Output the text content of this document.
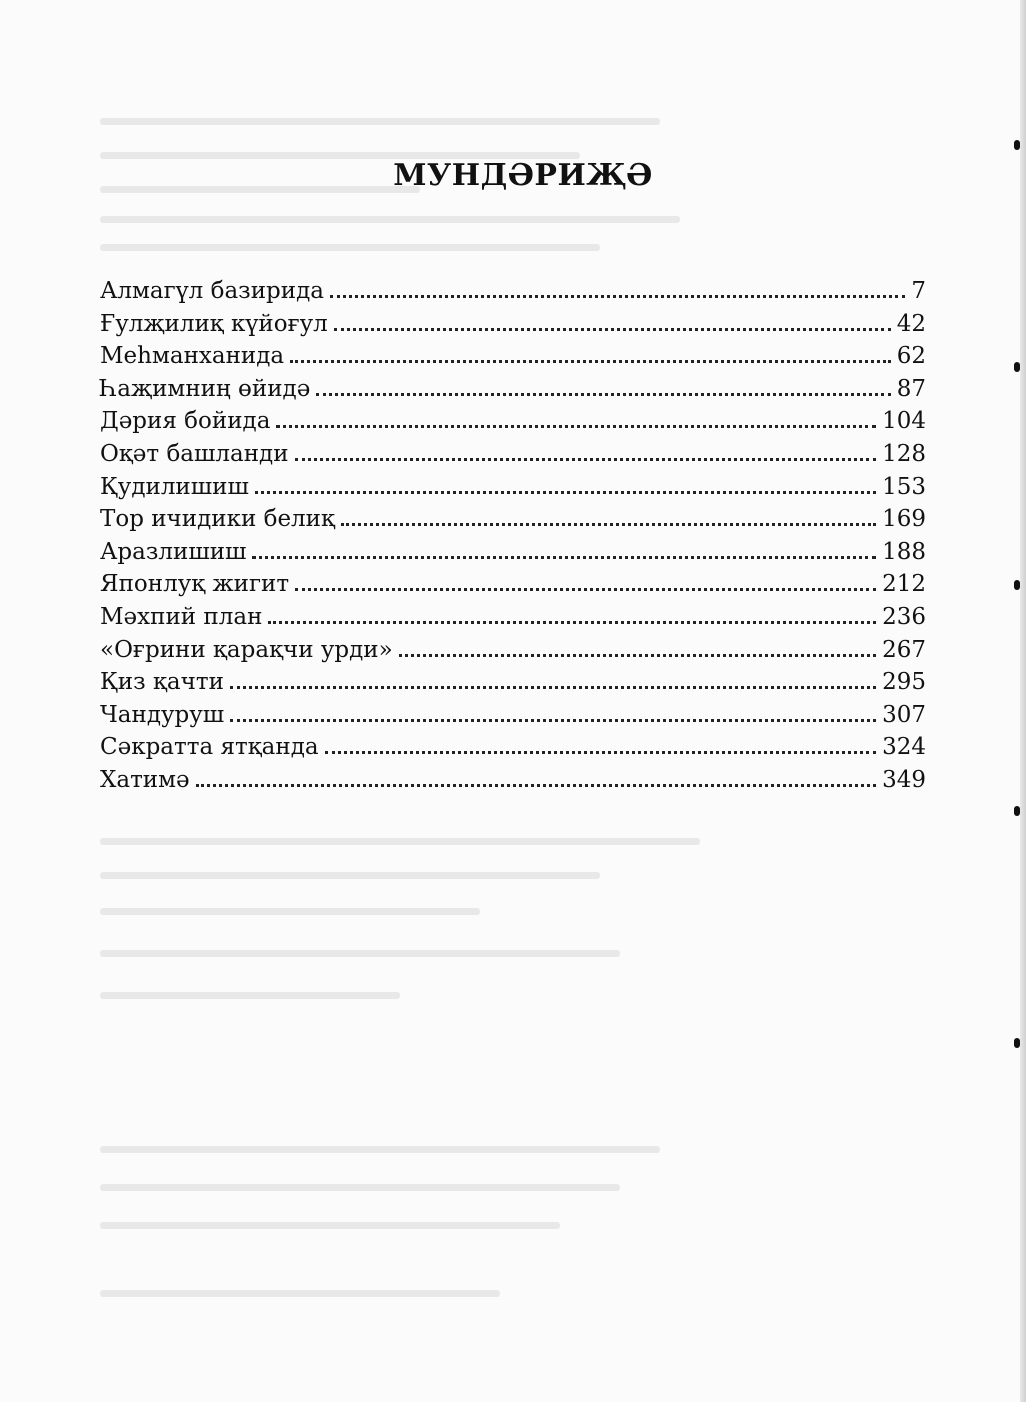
МУНДӘРИҖӘ
Алмагүл базирида	7
Ғулҗилиқ күйоғул	42
Меһманханида	62
Һаҗимниң өйидә	87
Дәрия бойида	104
Оқәт башланди	128
Қудилишиш	153
Тор ичидики белиқ	169
Аразлишиш	188
Японлуқ жигит	212
Мәхпий план	236
«Оғрини қарақчи урди»	267
Қиз қачти	295
Чандуруш	307
Сәкратта ятқанда	324
Хатимә	349
